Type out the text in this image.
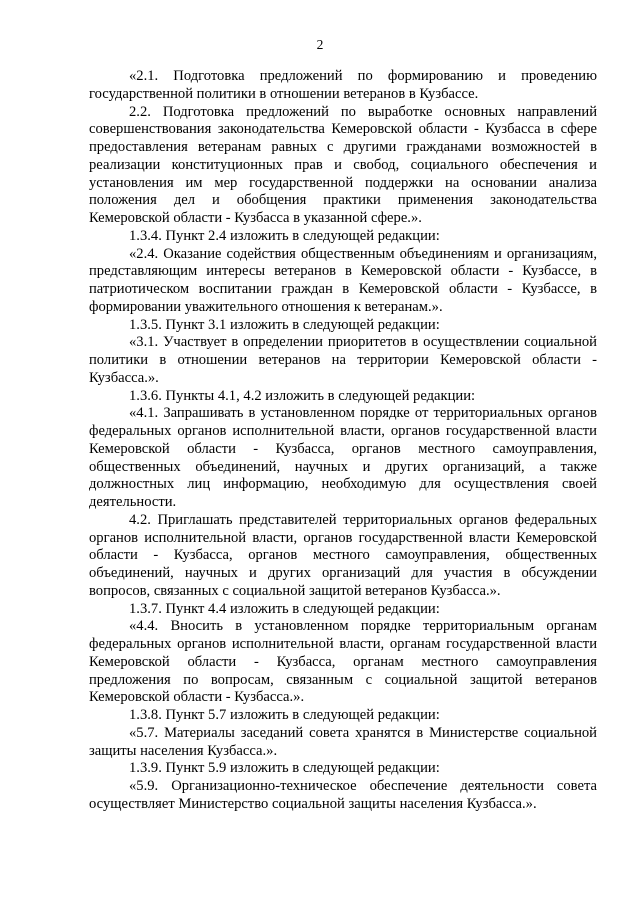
2

«2.1. Подготовка предложений по формированию и проведению государственной политики в отношении ветеранов в Кузбассе.

2.2. Подготовка предложений по выработке основных направлений совершенствования законодательства Кемеровской области - Кузбасса в сфере предоставления ветеранам равных с другими гражданами возможностей в реализации конституционных прав и свобод, социального обеспечения и установления им мер государственной поддержки на основании анализа положения дел и обобщения практики применения законодательства Кемеровской области - Кузбасса в указанной сфере.».

1.3.4. Пункт 2.4 изложить в следующей редакции:

«2.4. Оказание содействия общественным объединениям и организациям, представляющим интересы ветеранов в Кемеровской области - Кузбассе, в патриотическом воспитании граждан в Кемеровской области - Кузбассе, в формировании уважительного отношения к ветеранам.».

1.3.5. Пункт 3.1 изложить в следующей редакции:

«3.1. Участвует в определении приоритетов в осуществлении социальной политики в отношении ветеранов на территории Кемеровской области - Кузбасса.».

1.3.6. Пункты 4.1, 4.2 изложить в следующей редакции:

«4.1. Запрашивать в установленном порядке от территориальных органов федеральных органов исполнительной власти, органов государственной власти Кемеровской области - Кузбасса, органов местного самоуправления, общественных объединений, научных и других организаций, а также должностных лиц информацию, необходимую для осуществления своей деятельности.

4.2. Приглашать представителей территориальных органов федеральных органов исполнительной власти, органов государственной власти Кемеровской области - Кузбасса, органов местного самоуправления, общественных объединений, научных и других организаций для участия в обсуждении вопросов, связанных с социальной защитой ветеранов Кузбасса.».

1.3.7. Пункт 4.4 изложить в следующей редакции:

«4.4. Вносить в установленном порядке территориальным органам федеральных органов исполнительной власти, органам государственной власти Кемеровской области - Кузбасса, органам местного самоуправления предложения по вопросам, связанным с социальной защитой ветеранов Кемеровской области - Кузбасса.».

1.3.8. Пункт 5.7 изложить в следующей редакции:

«5.7. Материалы заседаний совета хранятся в Министерстве социальной защиты населения Кузбасса.».

1.3.9. Пункт 5.9 изложить в следующей редакции:

«5.9. Организационно-техническое обеспечение деятельности совета осуществляет Министерство социальной защиты населения Кузбасса.».
